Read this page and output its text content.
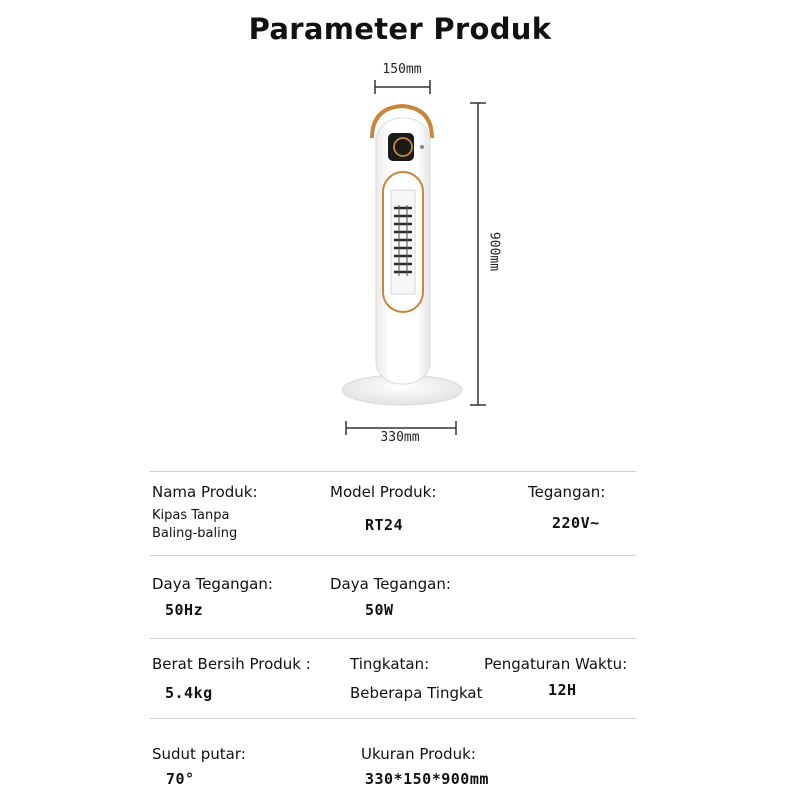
Parameter Produk
150mm
900mm
330mm
Nama Produk:	Model Produk:	Tegangan:
Kipas Tanpa
Baling-baling	RT24	220V~
Daya Tegangan:	Daya Tegangan:
50Hz	50W
Berat Bersih Produk :	Tingkatan:	Pengaturan Waktu:
5.4kg	Beberapa Tingkat	12H
Sudut putar:	Ukuran Produk:
70°	330*150*900mm
